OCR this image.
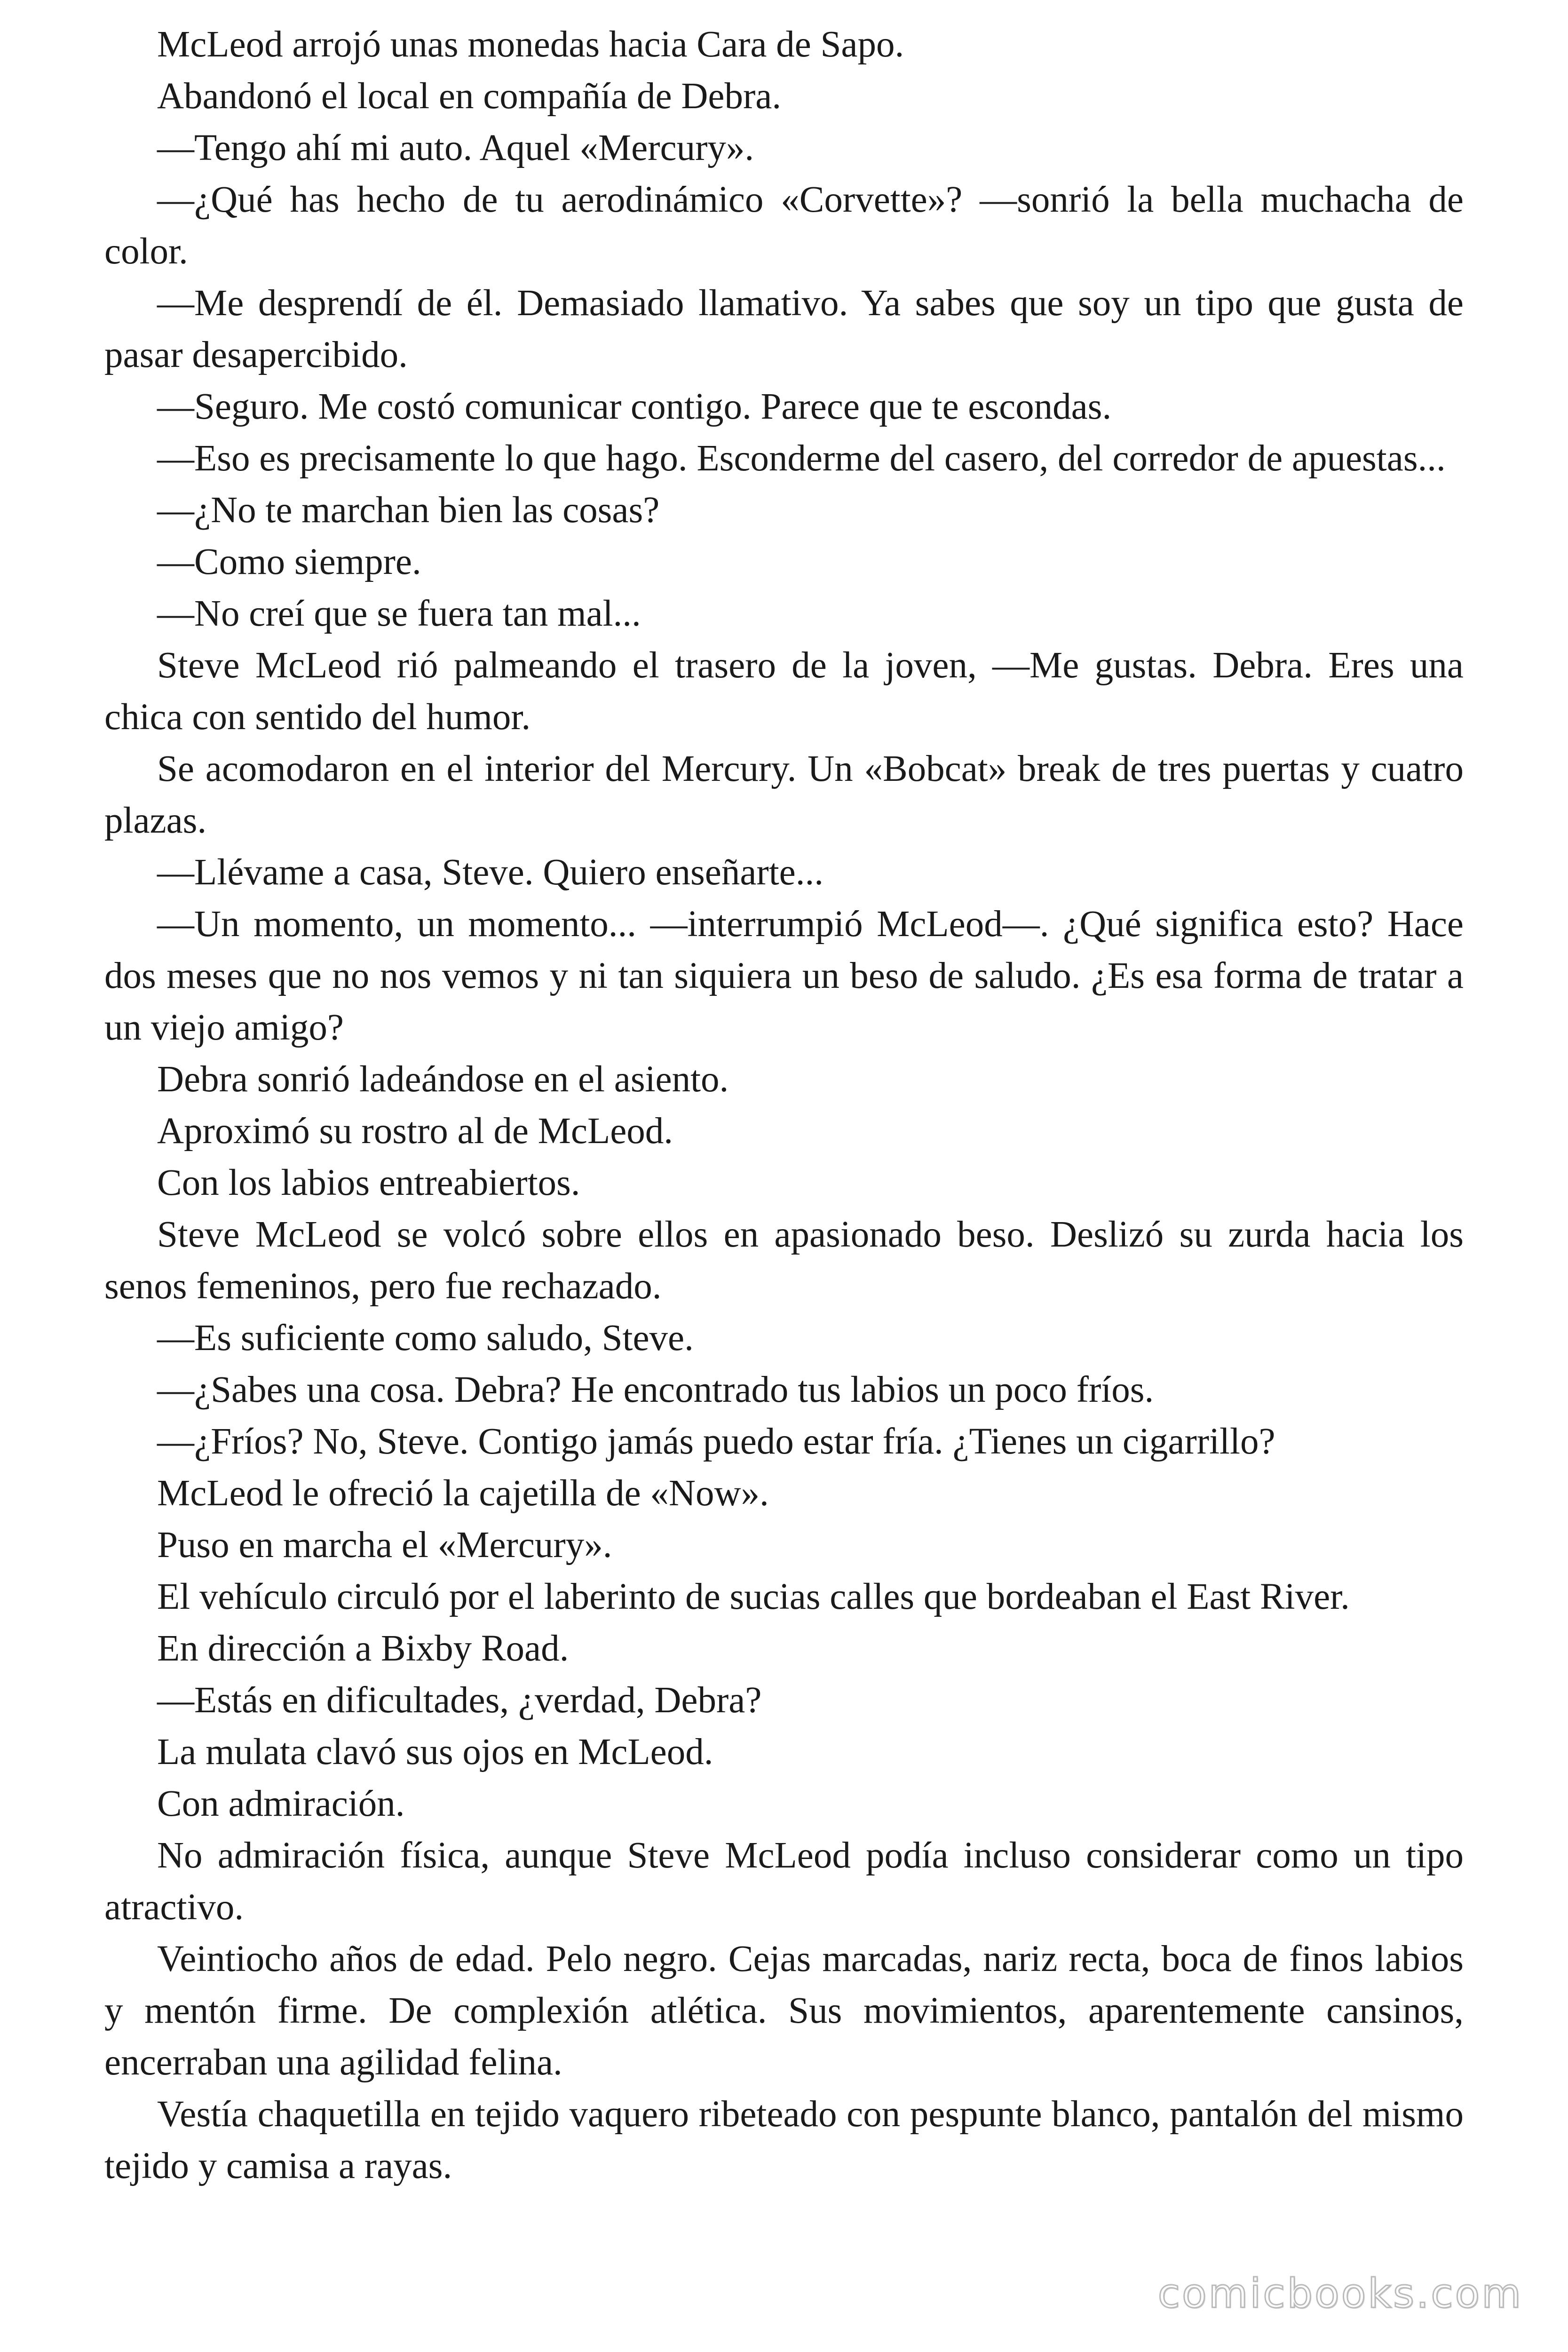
McLeod arrojó unas monedas hacia Cara de Sapo.

Abandonó el local en compañía de Debra.

—Tengo ahí mi auto. Aquel «Mercury».

—¿Qué has hecho de tu aerodinámico «Corvette»? —sonrió la bella muchacha de color.

—Me desprendí de él. Demasiado llamativo. Ya sabes que soy un tipo que gusta de pasar desapercibido.

—Seguro. Me costó comunicar contigo. Parece que te escondas.

—Eso es precisamente lo que hago. Esconderme del casero, del corredor de apuestas...

—¿No te marchan bien las cosas?

—Como siempre.

—No creí que se fuera tan mal...

Steve McLeod rió palmeando el trasero de la joven, —Me gustas. Debra. Eres una chica con sentido del humor.

Se acomodaron en el interior del Mercury. Un «Bobcat» break de tres puertas y cuatro plazas.

—Llévame a casa, Steve. Quiero enseñarte...

—Un momento, un momento... —interrumpió McLeod—. ¿Qué significa esto? Hace dos meses que no nos vemos y ni tan siquiera un beso de saludo. ¿Es esa forma de tratar a un viejo amigo?

Debra sonrió ladeándose en el asiento.

Aproximó su rostro al de McLeod.

Con los labios entreabiertos.

Steve McLeod se volcó sobre ellos en apasionado beso. Deslizó su zurda hacia los senos femeninos, pero fue rechazado.

—Es suficiente como saludo, Steve.

—¿Sabes una cosa. Debra? He encontrado tus labios un poco fríos.

—¿Fríos? No, Steve. Contigo jamás puedo estar fría. ¿Tienes un cigarrillo?

McLeod le ofreció la cajetilla de «Now».

Puso en marcha el «Mercury».

El vehículo circuló por el laberinto de sucias calles que bordeaban el East River.

En dirección a Bixby Road.

—Estás en dificultades, ¿verdad, Debra?

La mulata clavó sus ojos en McLeod.

Con admiración.

No admiración física, aunque Steve McLeod podía incluso considerar como un tipo atractivo.

Veintiocho años de edad. Pelo negro. Cejas marcadas, nariz recta, boca de finos labios y mentón firme. De complexión atlética. Sus movimientos, aparentemente cansinos, encerraban una agilidad felina.

Vestía chaquetilla en tejido vaquero ribeteado con pespunte blanco, pantalón del mismo tejido y camisa a rayas.

comicbooks.com
